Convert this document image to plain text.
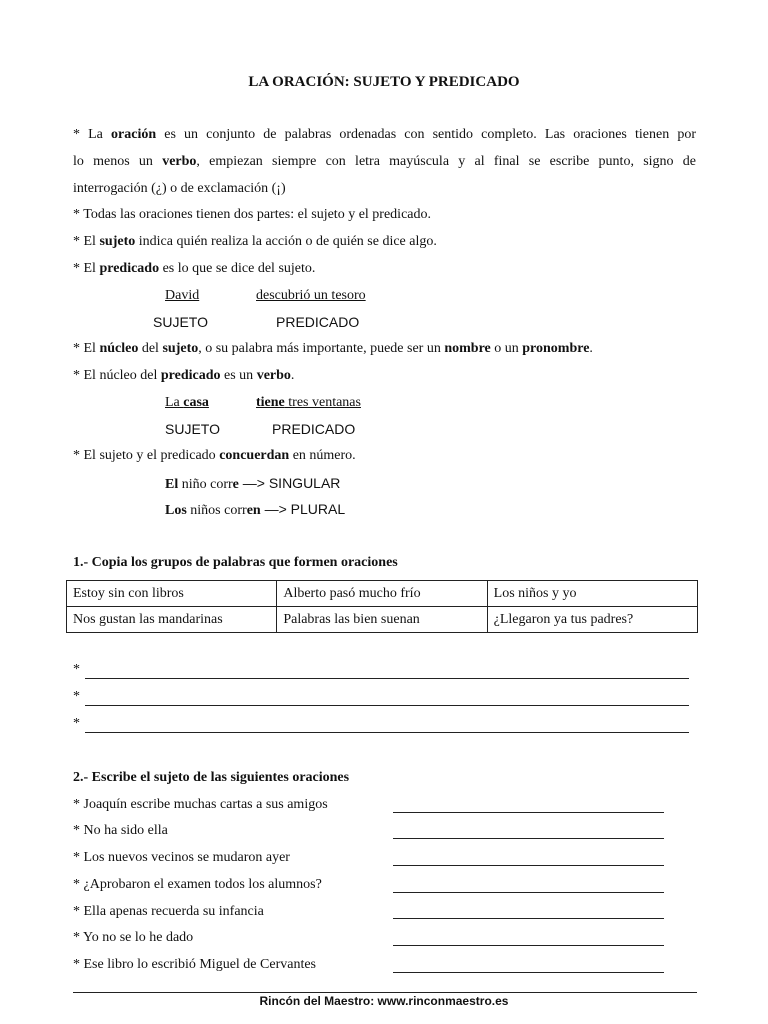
LA ORACIÓN: SUJETO Y PREDICADO
* La oración es un conjunto de palabras ordenadas con sentido completo. Las oraciones tienen por
lo menos un verbo, empiezan siempre con letra mayúscula y al final se escribe punto, signo de
interrogación (¿) o de exclamación (¡)
* Todas las oraciones tienen dos partes: el sujeto y el predicado.
* El sujeto indica quién realiza la acción o de quién se dice algo.
* El predicado es lo que se dice del sujeto.
David	descubrió un tesoro
SUJETO	PREDICADO
* El núcleo del sujeto, o su palabra más importante, puede ser un nombre o un pronombre.
* El núcleo del predicado es un verbo.
La casa	tiene tres ventanas
SUJETO	PREDICADO
* El sujeto y el predicado concuerdan en número.
El niño corre —> SINGULAR
Los niños corren —> PLURAL
1.- Copia los grupos de palabras que formen oraciones
Estoy sin con libros	Alberto pasó mucho frío	Los niños y yo
Nos gustan las mandarinas	Palabras las bien suenan	¿Llegaron ya tus padres?
*
*
*
2.- Escribe el sujeto de las siguientes oraciones
* Joaquín escribe muchas cartas a sus amigos
* No ha sido ella
* Los nuevos vecinos se mudaron ayer
* ¿Aprobaron el examen todos los alumnos?
* Ella apenas recuerda su infancia
* Yo no se lo he dado
* Ese libro lo escribió Miguel de Cervantes
Rincón del Maestro: www.rinconmaestro.es
